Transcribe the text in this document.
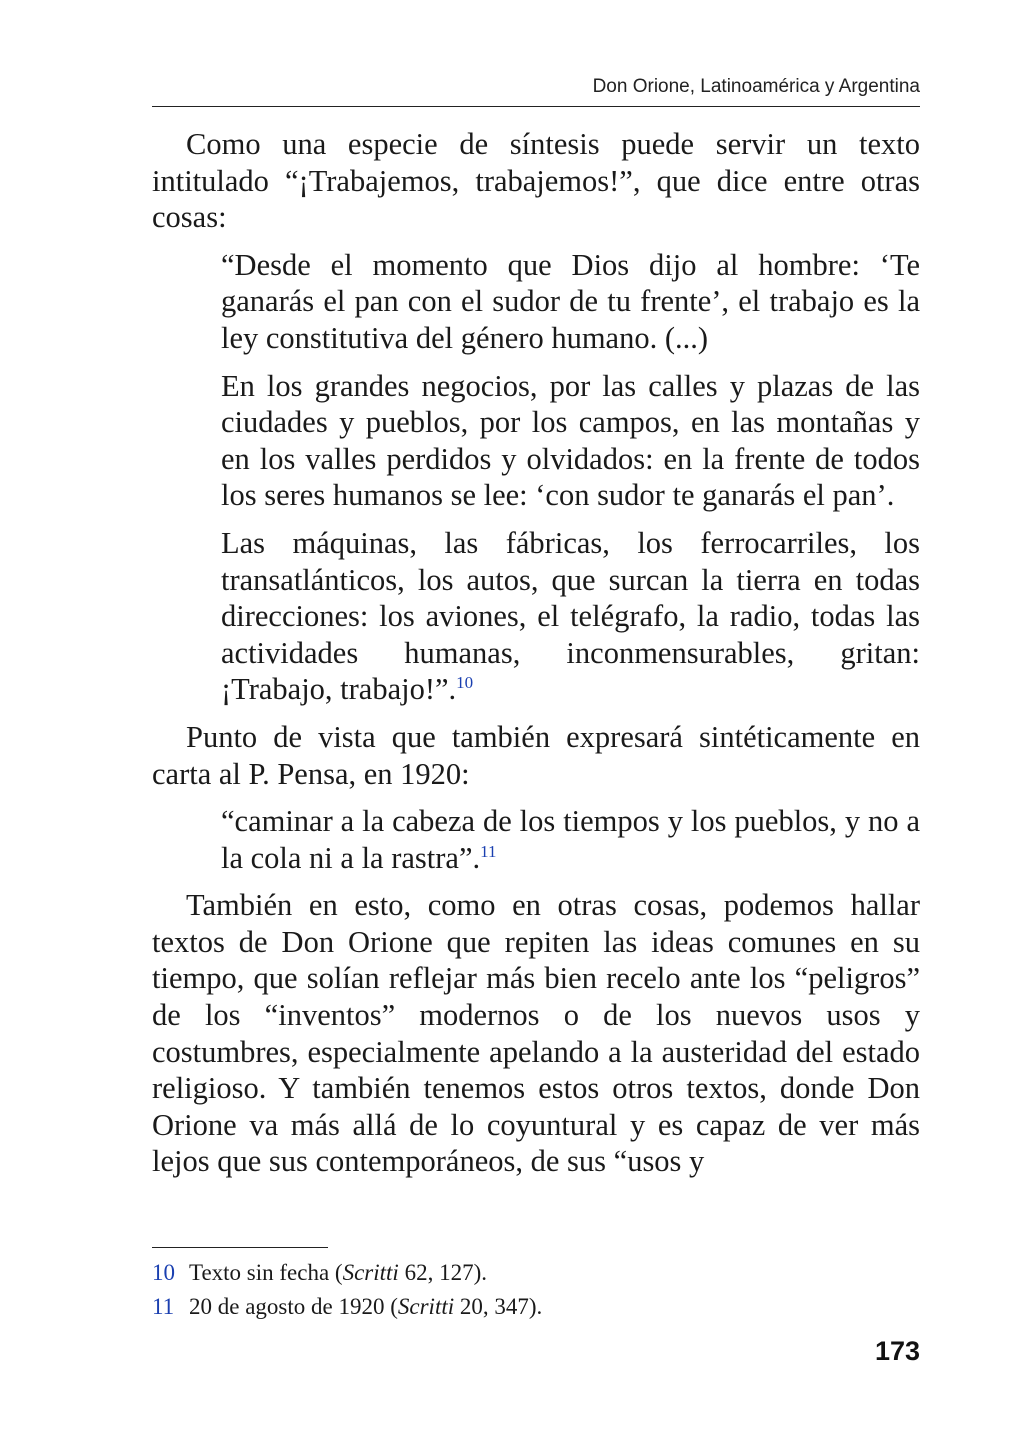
Don Orione, Latinoamérica y Argentina

Como una especie de síntesis puede servir un texto intitulado “¡Trabajemos, trabajemos!”, que dice entre otras cosas:

“Desde el momento que Dios dijo al hombre: ‘Te ganarás el pan con el sudor de tu frente’, el trabajo es la ley constitutiva del género humano. (...)

En los grandes negocios, por las calles y plazas de las ciudades y pueblos, por los campos, en las montañas y en los valles perdidos y olvidados: en la frente de todos los seres humanos se lee: ‘con sudor te ganarás el pan’.

Las máquinas, las fábricas, los ferrocarriles, los transatlánticos, los autos, que surcan la tierra en todas direcciones: los aviones, el telégrafo, la radio, todas las actividades humanas, inconmensurables, gritan: ¡Trabajo, trabajo!”.$^{10}$

Punto de vista que también expresará sintéticamente en carta al P. Pensa, en 1920:

“caminar a la cabeza de los tiempos y los pueblos, y no a la cola ni a la rastra”.$^{11}$

También en esto, como en otras cosas, podemos hallar textos de Don Orione que repiten las ideas comunes en su tiempo, que solían reflejar más bien recelo ante los “peligros” de los “inventos” modernos o de los nuevos usos y costumbres, especialmente apelando a la austeridad del estado religioso. Y también tenemos estos otros textos, donde Don Orione va más allá de lo coyuntural y es capaz de ver más lejos que sus contemporáneos, de sus “usos y

10 Texto sin fecha (Scritti 62, 127).

11 20 de agosto de 1920 (Scritti 20, 347).

173
